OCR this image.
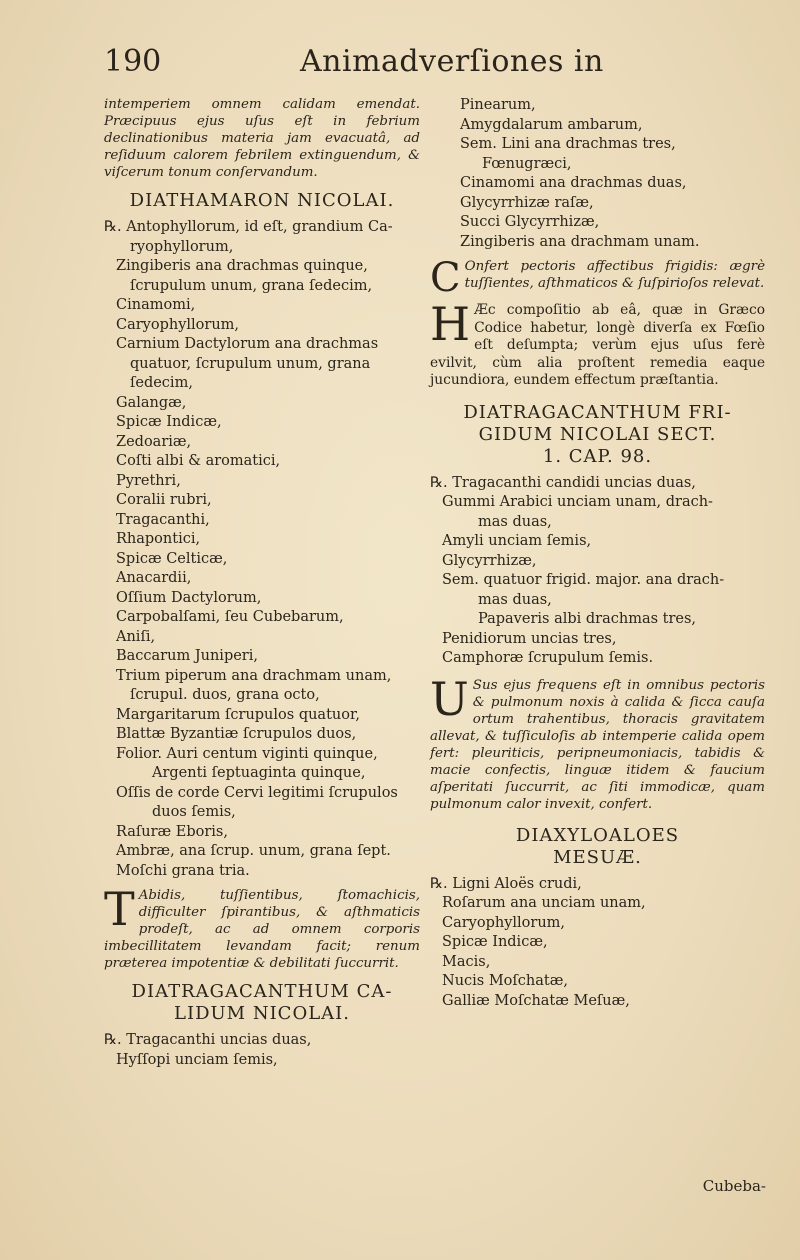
190	Animadverſiones in

intemperiem omnem calidam emendat. Præcipuus ejus uſus eſt in febrium declinationibus materia jam evacuatâ, ad reſiduum calorem febrilem extinguendum, & viſcerum tonum conſervandum.

DIATHAMARON NICOLAI.

℞. Antophyllorum, id eſt, grandium Ca-
ryophyllorum,
Zingiberis ana drachmas quinque,
ſcrupulum unum, grana ſedecim,
Cinamomi,
Caryophyllorum,
Carnium Dactylorum ana drachmas
quatuor, ſcrupulum unum, grana
ſedecim,
Galangæ,
Spicæ Indicæ,
Zedoariæ,
Coſti albi & aromatici,
Pyrethri,
Coralii rubri,
Tragacanthi,
Rhapontici,
Spicæ Celticæ,
Anacardii,
Oſſium Dactylorum,
Carpobalſami, ſeu Cubebarum,
Aniſi,
Baccarum Juniperi,
Trium piperum ana drachmam unam,
ſcrupul. duos, grana octo,
Margaritarum ſcrupulos quatuor,
Blattæ Byzantiæ ſcrupulos duos,
Folior. Auri centum viginti quinque,
Argenti ſeptuaginta quinque,
Oſſis de corde Cervi legitimi ſcrupulos
duos ſemis,
Raſuræ Eboris,
Ambræ, ana ſcrup. unum, grana ſept.
Moſchi grana tria.
T Abidis, tuſſientibus, ſtomachicis, difficulter ſpirantibus, & aſthmaticis prodeſt, ac ad omnem corporis imbecillitatem levandam facit; renum præterea impotentiæ & debilitati ſuccurrit.

DIATRAGACANTHUM CA-
LIDUM NICOLAI.

℞. Tragacanthi uncias duas,
Hyſſopi unciam ſemis,
Pinearum,
Amygdalarum ambarum,
Sem. Lini ana drachmas tres,
Fœnugræci,
Cinamomi ana drachmas duas,
Glycyrrhizæ raſæ,
Succi Glycyrrhizæ,
Zingiberis ana drachmam unam.
C Onfert pectoris affectibus frigidis: ægrè tuſſientes, aſthmaticos & ſuſpirioſos relevat.
H Æc compoſitio ab eâ, quæ in Græco Codice habetur, longè diverſa ex Fœſio eſt deſumpta; verùm ejus uſus ferè evilvit, cùm alia proſtent remedia eaque jucundiora, eundem effectum præſtantia.

DIATRAGACANTHUM FRI-
GIDUM NICOLAI SECT.
1. CAP. 98.

℞. Tragacanthi candidi uncias duas,
Gummi Arabici unciam unam, drach-
mas duas,
Amyli unciam ſemis,
Glycyrrhizæ,
Sem. quatuor frigid. major. ana drach-
mas duas,
Papaveris albi drachmas tres,
Penidiorum uncias tres,
Camphoræ ſcrupulum ſemis.
U Sus ejus frequens eſt in omnibus pectoris & pulmonum noxis à calida & ſicca cauſa ortum trahentibus, thoracis gravitatem allevat, & tuſſiculoſis ab intemperie calida opem fert: pleuriticis, peripneumoniacis, tabidis & macie confectis, linguæ itidem & faucium aſperitati ſuccurrit, ac ſiti immodicæ, quam pulmonum calor invexit, confert.

DIAXYLOALOES
MESUÆ.

℞. Ligni Aloës crudi,
Roſarum ana unciam unam,
Caryophyllorum,
Spicæ Indicæ,
Macis,
Nucis Moſchatæ,
Galliæ Moſchatæ Meſuæ,
Cubeba-
